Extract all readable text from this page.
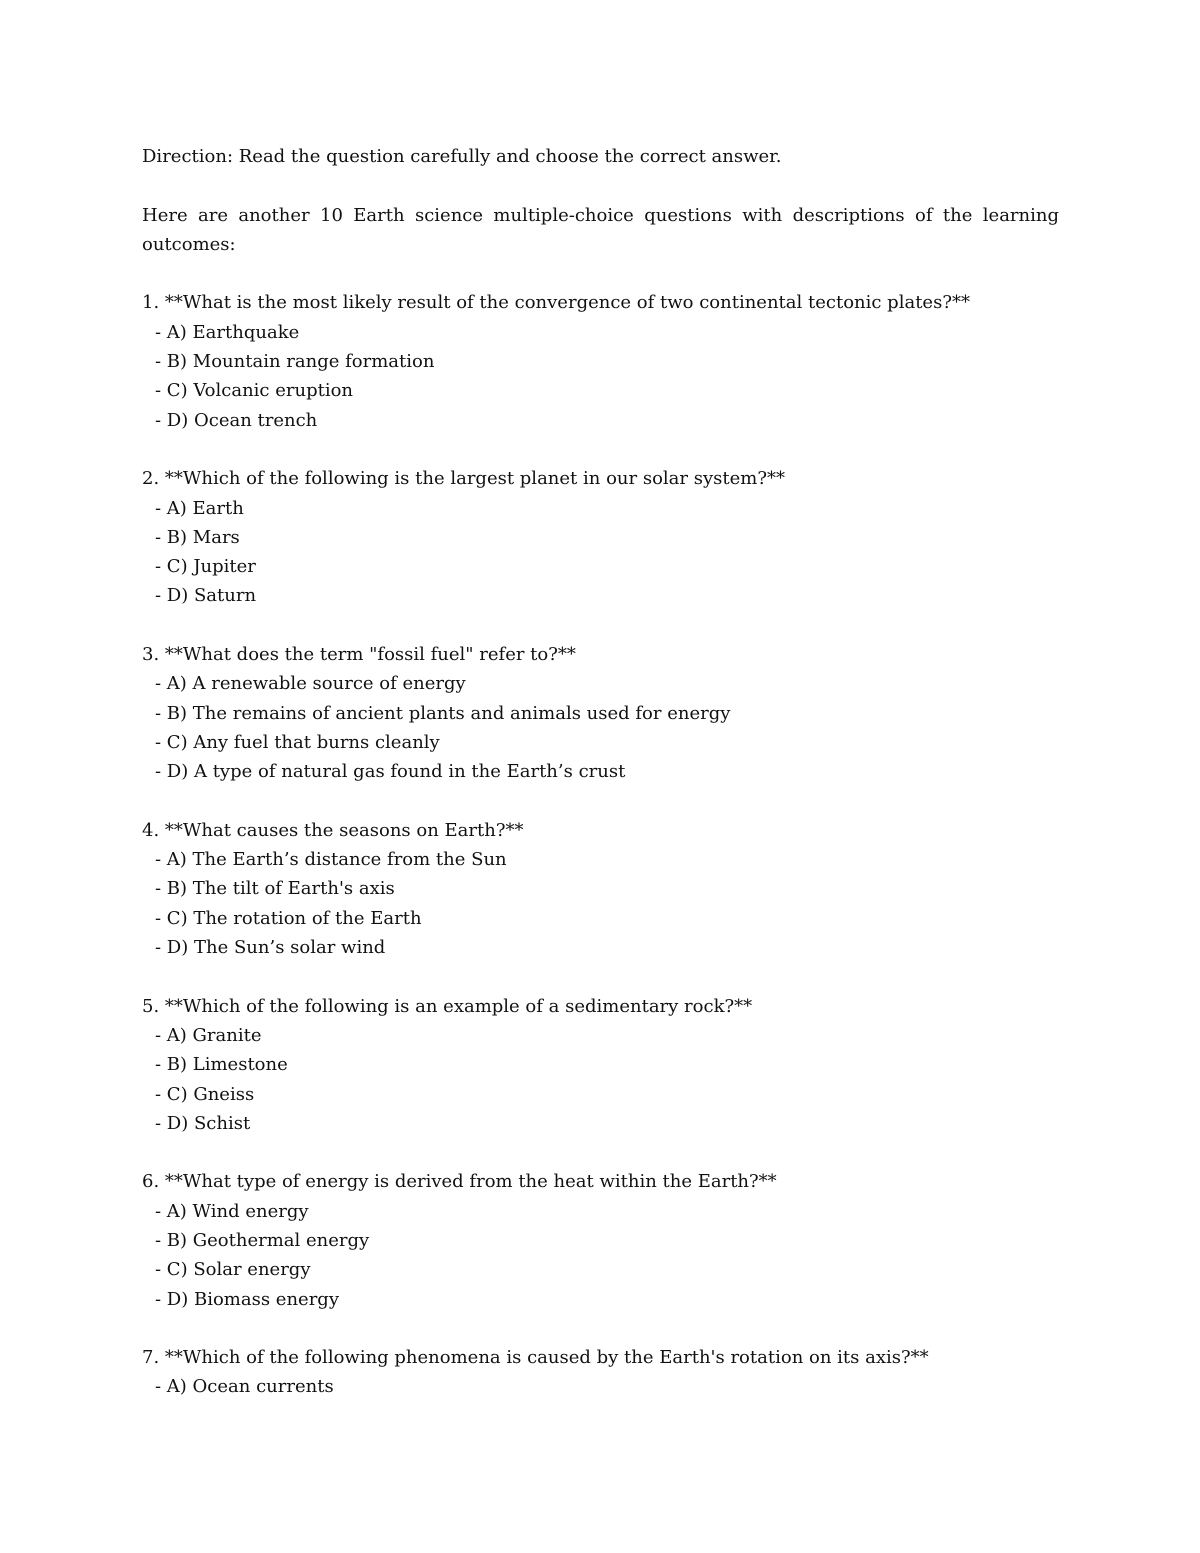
Direction: Read the question carefully and choose the correct answer.

Here are another 10 Earth science multiple-choice questions with descriptions of the learning outcomes:

1. **What is the most likely result of the convergence of two continental tectonic plates?**
- A) Earthquake
- B) Mountain range formation
- C) Volcanic eruption
- D) Ocean trench
2. **Which of the following is the largest planet in our solar system?**
- A) Earth
- B) Mars
- C) Jupiter
- D) Saturn
3. **What does the term "fossil fuel" refer to?**
- A) A renewable source of energy
- B) The remains of ancient plants and animals used for energy
- C) Any fuel that burns cleanly
- D) A type of natural gas found in the Earth’s crust
4. **What causes the seasons on Earth?**
- A) The Earth’s distance from the Sun
- B) The tilt of Earth's axis
- C) The rotation of the Earth
- D) The Sun’s solar wind
5. **Which of the following is an example of a sedimentary rock?**
- A) Granite
- B) Limestone
- C) Gneiss
- D) Schist
6. **What type of energy is derived from the heat within the Earth?**
- A) Wind energy
- B) Geothermal energy
- C) Solar energy
- D) Biomass energy
7. **Which of the following phenomena is caused by the Earth's rotation on its axis?**
- A) Ocean currents
